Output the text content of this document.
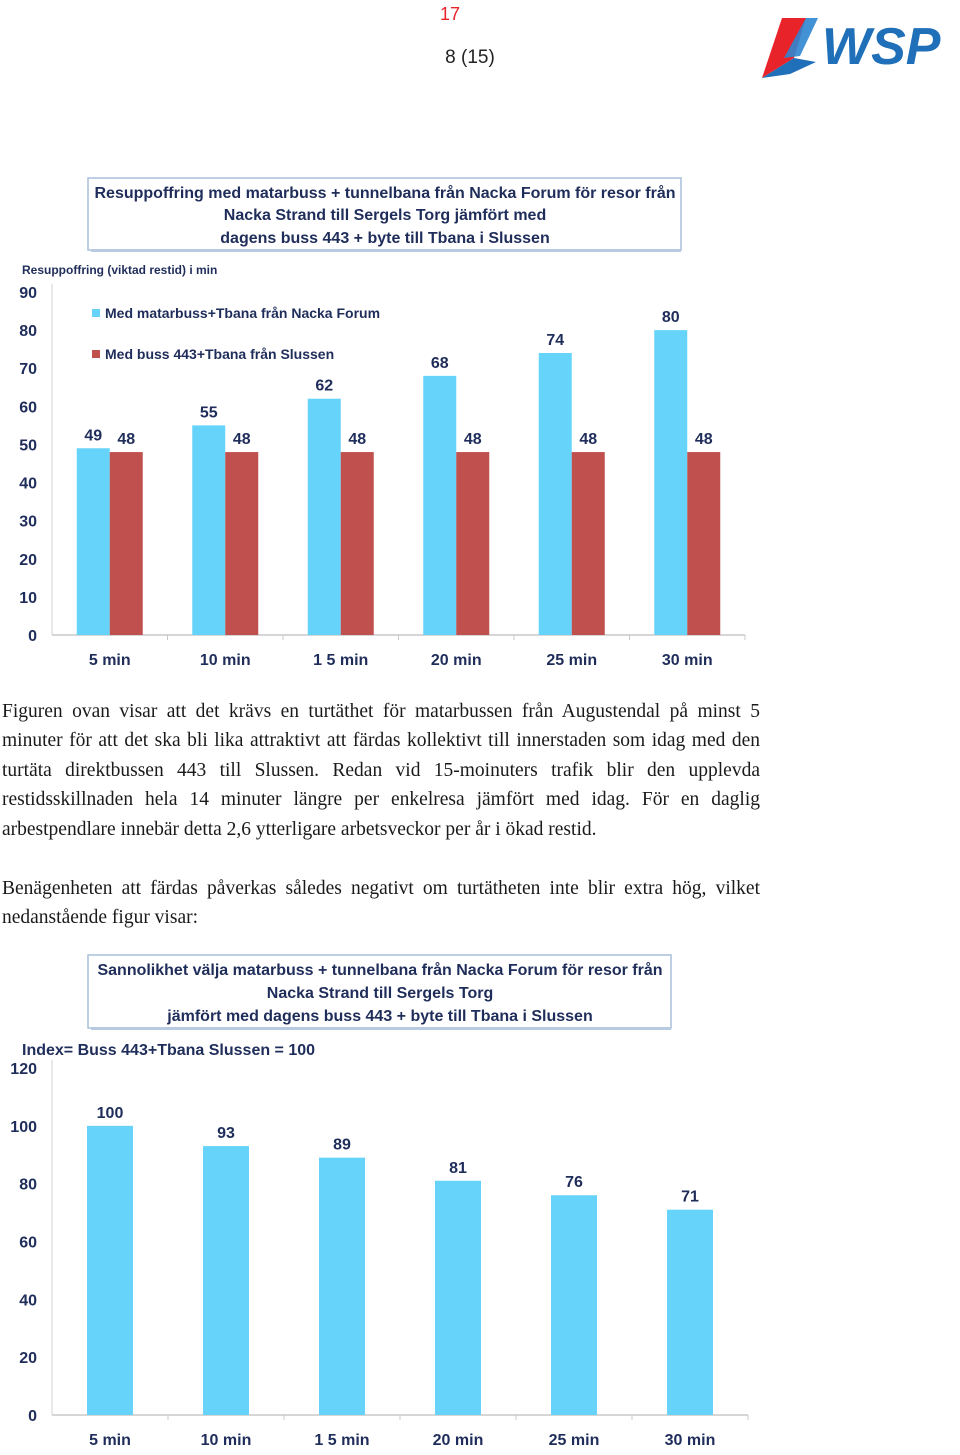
17
8 (15)	WSP
Resuppoffring med matarbuss + tunnelbana från Nacka Forum för resor från
Nacka Strand till Sergels Torg jämfört med
dagens buss 443 + byte till Tbana i Slussen
Resuppoffring (viktad restid) i min
Med matarbuss+Tbana från Nacka Forum
Med buss 443+Tbana från Slussen
0
10
20
30
40
50
60
70
80
90
5 min
49 48
10 min
55
48
1 5 min
62
48
20 min
68
48
25 min
74
48
30 min
80
48

Figuren ovan visar att det krävs en turtäthet för matarbussen från Augustendal på minst 5 minuter för att det ska bli lika attraktivt att färdas kollektivt till innerstaden som idag med den turtäta direktbussen 443 till Slussen. Redan vid 15-moinuters trafik blir den upplevda restidsskillnaden hela 14 minuter längre per enkelresa jämfört med idag. För en daglig arbestpendlare innebär detta 2,6 ytterligare arbetsveckor per år i ökad restid.

Benägenheten att färdas påverkas således negativt om turtätheten inte blir extra hög, vilket nedanstående figur visar:

Sannolikhet välja matarbuss + tunnelbana från Nacka Forum för resor från
Nacka Strand till Sergels Torg
jämfört med dagens buss 443 + byte till Tbana i Slussen
Index= Buss 443+Tbana Slussen = 100
0
20
40
60
80
100
120
5 min
100
10 min
93
1 5 min
89
20 min
81
25 min
76
30 min
71
